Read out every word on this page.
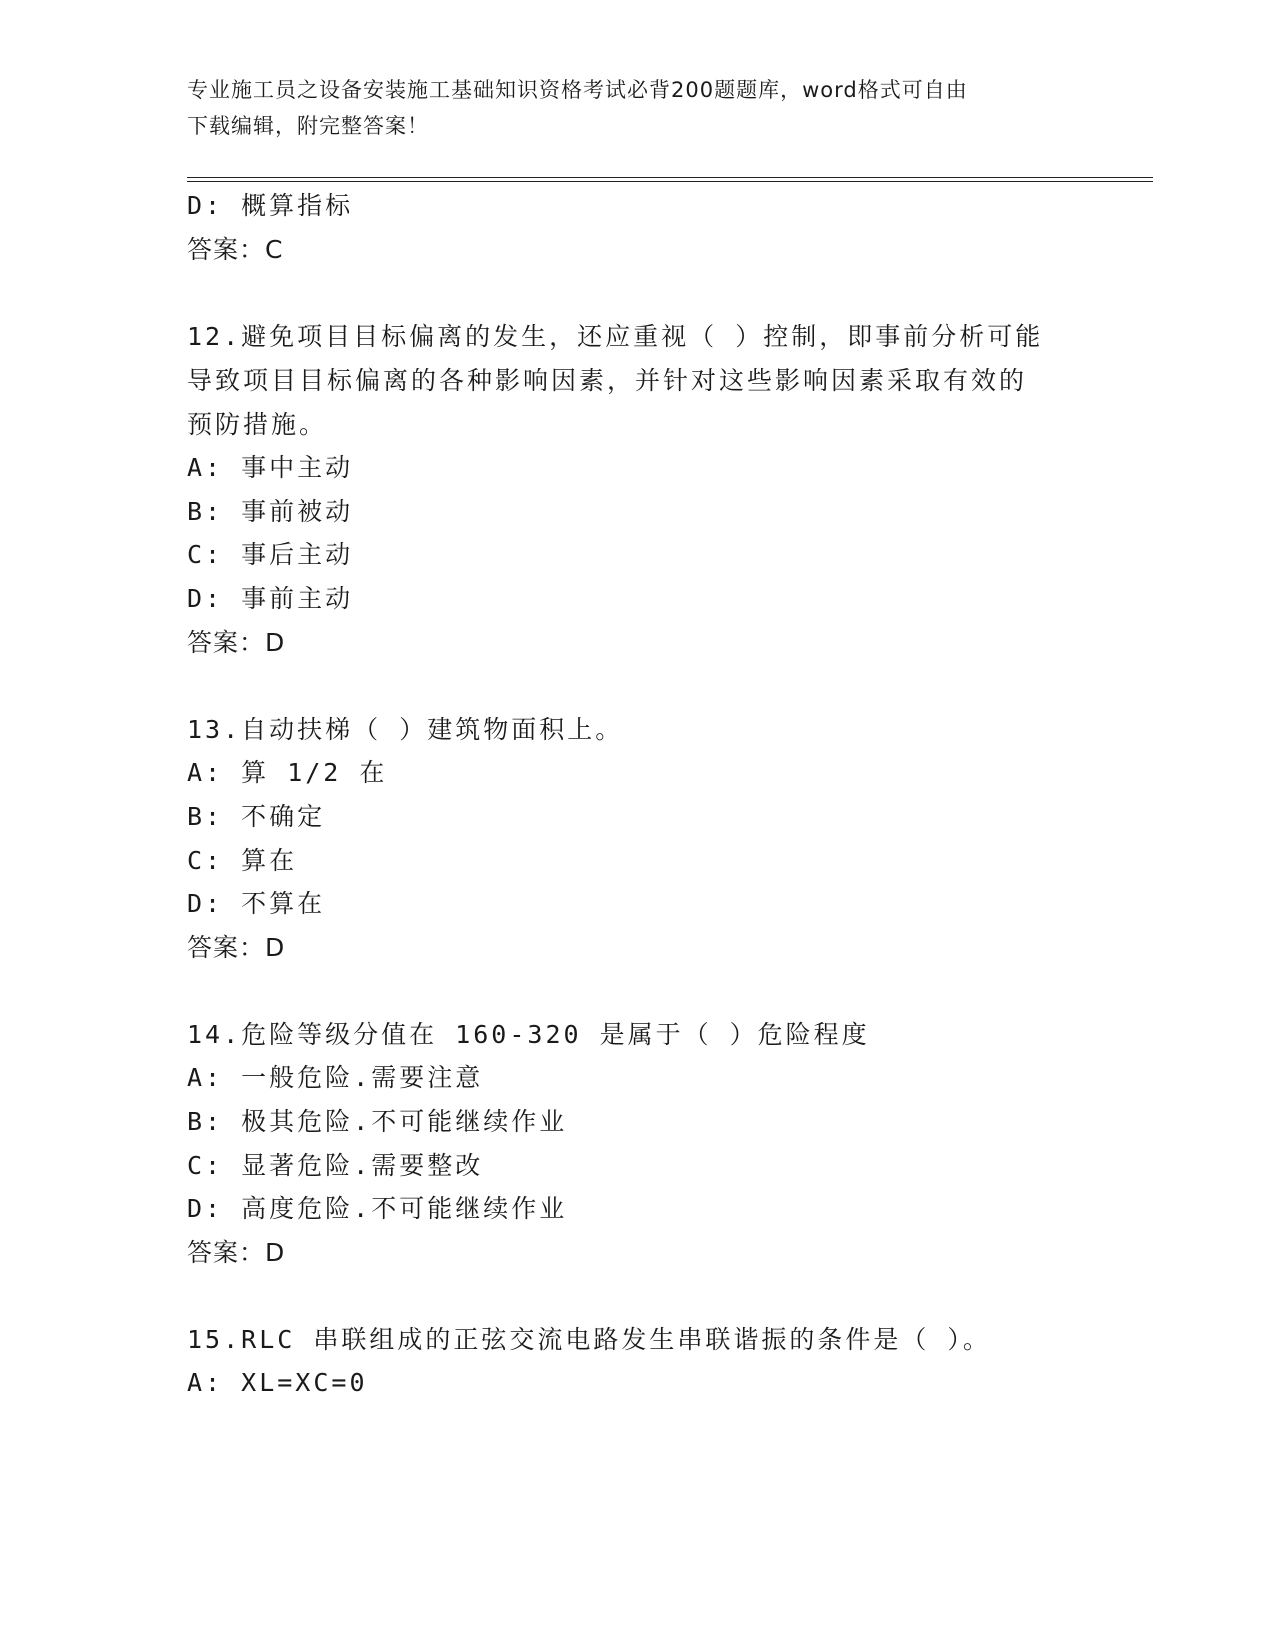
专业施工员之设备安装施工基础知识资格考试必背200题题库，word格式可自由
下载编辑，附完整答案！
D: 概算指标
答案：C
12.避免项目目标偏离的发生，还应重视（ ）控制，即事前分析可能
导致项目目标偏离的各种影响因素，并针对这些影响因素采取有效的
预防措施。
A: 事中主动
B: 事前被动
C: 事后主动
D: 事前主动
答案：D
13.自动扶梯（ ）建筑物面积上。
A: 算 1/2 在
B: 不确定
C: 算在
D: 不算在
答案：D
14.危险等级分值在 160-320 是属于（ ）危险程度
A: 一般危险.需要注意
B: 极其危险.不可能继续作业
C: 显著危险.需要整改
D: 高度危险.不可能继续作业
答案：D
15.RLC 串联组成的正弦交流电路发生串联谐振的条件是（ ）。
A: XL=XC=0
